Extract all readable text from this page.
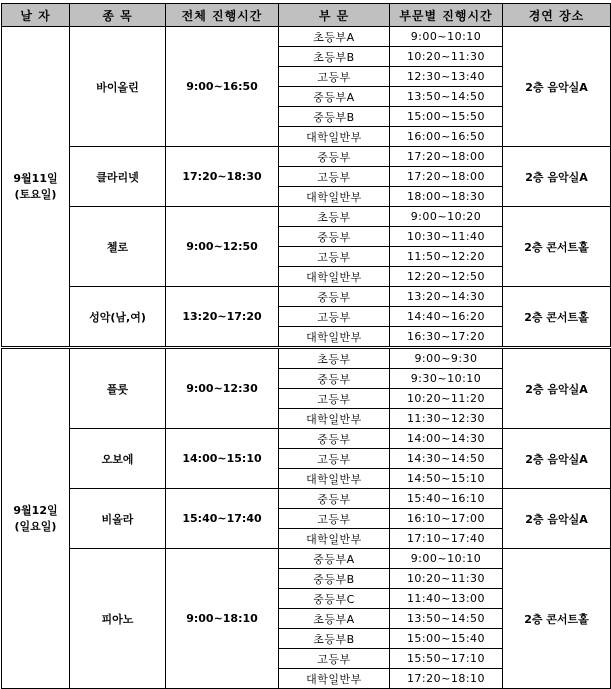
날 자	종 목	전체 진행시간	부 문	부문별 진행시간	경연 장소

9월11일
(토요일)	바이올린	9:00~16:50	초등부A	9:00~10:10	2층 음악실A
			초등부B	10:20~11:30	
			고등부	12:30~13:40	
			중등부A	13:50~14:50	
			중등부B	15:00~15:50	
			대학일반부	16:00~16:50	
	클라리넷	17:20~18:30	중등부	17:20~18:00	2층 음악실A
			고등부	17:20~18:00	
			대학일반부	18:00~18:30	
	첼로	9:00~12:50	초등부	9:00~10:20	2층 콘서트홀
			중등부	10:30~11:40	
			고등부	11:50~12:20	
			대학일반부	12:20~12:50	
	성악(남,여)	13:20~17:20	중등부	13:20~14:30	2층 콘서트홀
			고등부	14:40~16:20	
			대학일반부	16:30~17:20	

9월12일
(일요일)	플룻	9:00~12:30	초등부	9:00~9:30	2층 음악실A
			중등부	9:30~10:10	
			고등부	10:20~11:20	
			대학일반부	11:30~12:30	
	오보에	14:00~15:10	중등부	14:00~14:30	2층 음악실A
			고등부	14:30~14:50	
			대학일반부	14:50~15:10	
	비올라	15:40~17:40	중등부	15:40~16:10	2층 음악실A
			고등부	16:10~17:00	
			대학일반부	17:10~17:40	
	피아노	9:00~18:10	중등부A	9:00~10:10	2층 콘서트홀
			중등부B	10:20~11:30	
			중등부C	11:40~13:00	
			초등부A	13:50~14:50	
			초등부B	15:00~15:40	
			고등부	15:50~17:10	
			대학일반부	17:20~18:10	
